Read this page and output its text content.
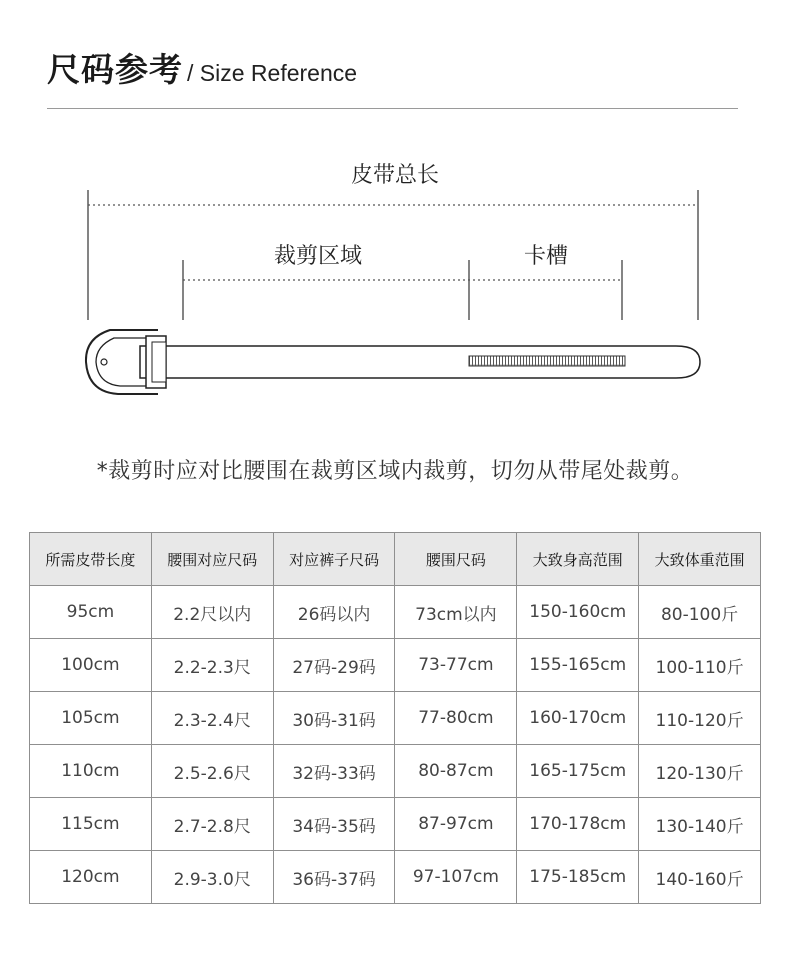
尺码参考 / Size Reference
皮带总长
裁剪区域	卡槽
*裁剪时应对比腰围在裁剪区域内裁剪，切勿从带尾处裁剪。
所需皮带长度	腰围对应尺码	对应裤子尺码	腰围尺码	大致身高范围	大致体重范围
95cm	2.2尺以内	26码以内	73cm以内	150-160cm	80-100斤
100cm	2.2-2.3尺	27码-29码	73-77cm	155-165cm	100-110斤
105cm	2.3-2.4尺	30码-31码	77-80cm	160-170cm	110-120斤
110cm	2.5-2.6尺	32码-33码	80-87cm	165-175cm	120-130斤
115cm	2.7-2.8尺	34码-35码	87-97cm	170-178cm	130-140斤
120cm	2.9-3.0尺	36码-37码	97-107cm	175-185cm	140-160斤
